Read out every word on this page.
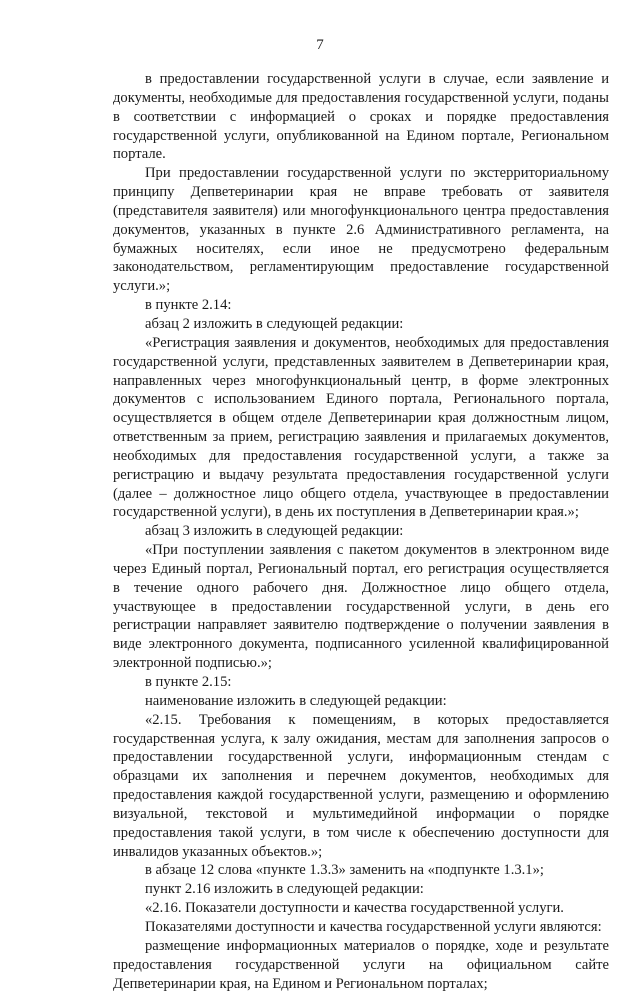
7

в предоставлении государственной услуги в случае, если заявление и документы, необходимые для предоставления государственной услуги, поданы в соответствии с информацией о сроках и порядке предоставления государственной услуги, опубликованной на Едином портале, Региональном портале.

При предоставлении государственной услуги по экстерриториальному принципу Депветеринарии края не вправе требовать от заявителя (представителя заявителя) или многофункционального центра предоставления документов, указанных в пункте 2.6 Административного регламента, на бумажных носителях, если иное не предусмотрено федеральным законодательством, регламентирующим предоставление государственной услуги.»;

в пункте 2.14:

абзац 2 изложить в следующей редакции:

«Регистрация заявления и документов, необходимых для предоставления государственной услуги, представленных заявителем в Депветеринарии края, направленных через многофункциональный центр, в форме электронных документов с использованием Единого портала, Регионального портала, осуществляется в общем отделе Депветеринарии края должностным лицом, ответственным за прием, регистрацию заявления и прилагаемых документов, необходимых для предоставления государственной услуги, а также за регистрацию и выдачу результата предоставления государственной услуги (далее – должностное лицо общего отдела, участвующее в предоставлении государственной услуги), в день их поступления в Депветеринарии края.»;

абзац 3 изложить в следующей редакции:

«При поступлении заявления с пакетом документов в электронном виде через Единый портал, Региональный портал, его регистрация осуществляется в течение одного рабочего дня. Должностное лицо общего отдела, участвующее в предоставлении государственной услуги, в день его регистрации направляет заявителю подтверждение о получении заявления в виде электронного документа, подписанного усиленной квалифицированной электронной подписью.»;

в пункте 2.15:

наименование изложить в следующей редакции:

«2.15. Требования к помещениям, в которых предоставляется государственная услуга, к залу ожидания, местам для заполнения запросов о предоставлении государственной услуги, информационным стендам с образцами их заполнения и перечнем документов, необходимых для предоставления каждой государственной услуги, размещению и оформлению визуальной, текстовой и мультимедийной информации о порядке предоставления такой услуги, в том числе к обеспечению доступности для инвалидов указанных объектов.»;

в абзаце 12 слова «пункте 1.3.3» заменить на «подпункте 1.3.1»;

пункт 2.16 изложить в следующей редакции:

«2.16. Показатели доступности и качества государственной услуги.

Показателями доступности и качества государственной услуги являются:

размещение информационных материалов о порядке, ходе и результате предоставления государственной услуги на официальном сайте Депветеринарии края, на Едином и Региональном порталах;
